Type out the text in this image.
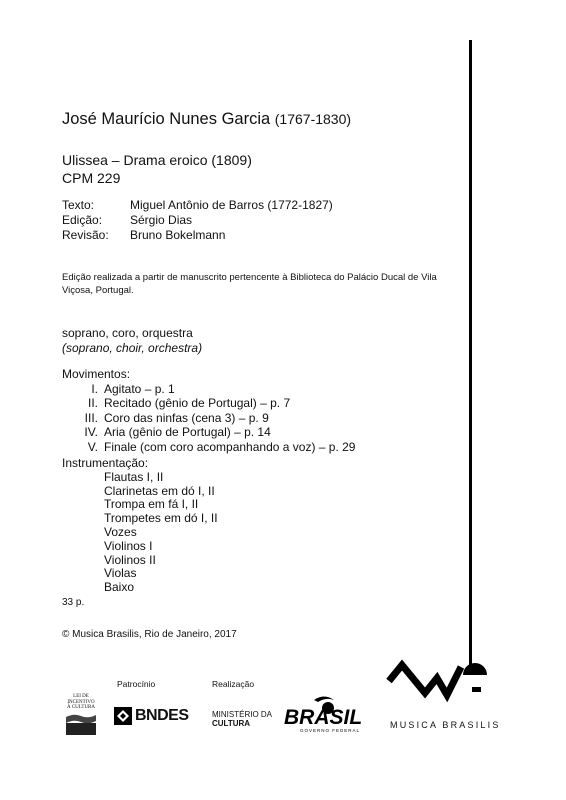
José Maurício Nunes Garcia (1767-1830)
Ulissea – Drama eroico (1809)
CPM 229
Texto:	Miguel Antônio de Barros (1772-1827)
Edição:	Sérgio Dias
Revisão:	Bruno Bokelmann
Edição realizada a partir de manuscrito pertencente à Biblioteca do Palácio Ducal de Vila Viçosa, Portugal.
soprano, coro, orquestra
(soprano, choir, orchestra)
Movimentos:
I. Agitato – p. 1
II. Recitado (gênio de Portugal) – p. 7
III. Coro das ninfas (cena 3) – p. 9
IV. Aria (gênio de Portugal) – p. 14
V. Finale (com coro acompanhando a voz) – p. 29
Instrumentação:
Flautas I, II
Clarinetas em dó I, II
Trompa em fá I, II
Trompetes em dó I, II
Vozes
Violinos I
Violinos II
Violas
Baixo
33 p.
© Musica Brasilis, Rio de Janeiro, 2017
Patrocínio	Realização
MUSICA BRASILIS
LEI DE
INCENTIVO
À CULTURA	BNDES	MINISTÉRIO DA
CULTURA	BRASIL
GOVERNO FEDERAL
